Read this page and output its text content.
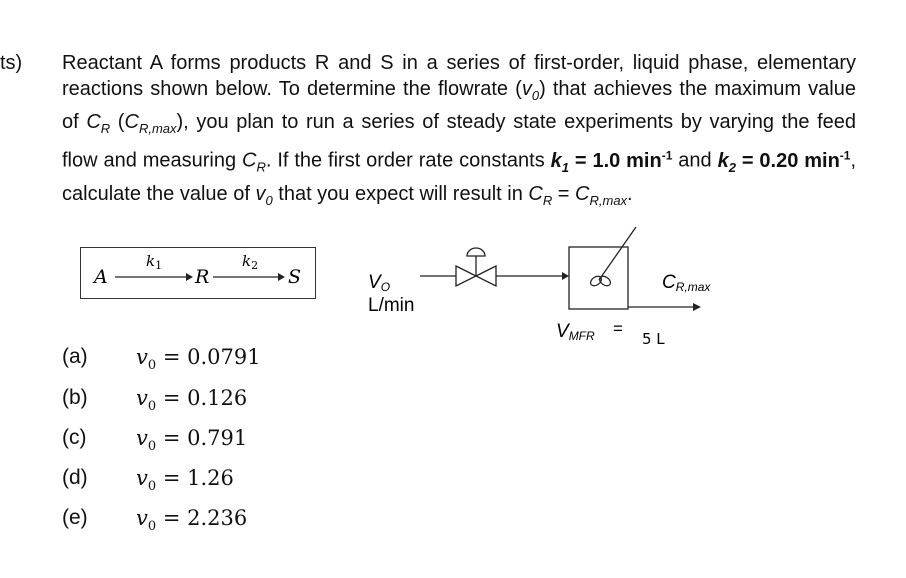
ts) Reactant A forms products R and S in a series of first-order, liquid phase, elementary reactions shown below. To determine the flowrate $(v_0)$ that achieves the maximum value of $C_R$ $(C_{R,max})$, you plan to run a series of steady state experiments by varying the feed flow and measuring $C_R$. If the first order rate constants $k_1 = 1.0$ $\min^{-1}$ and $k_2 = 0.20$ $\min^{-1}$, calculate the value of $v_0$ that you expect will result in $C_R = C_{R,max}$.
A
$k_1$
R
$k_2$
S	VO
L/min
CR,max
VMFR =
5 L
(a) $v_0 = 0.0791$
(b) $v_0 = 0.126$
(c) $v_0 = 0.791$
(d) $v_0 = 1.26$
(e) $v_0 = 2.236$
